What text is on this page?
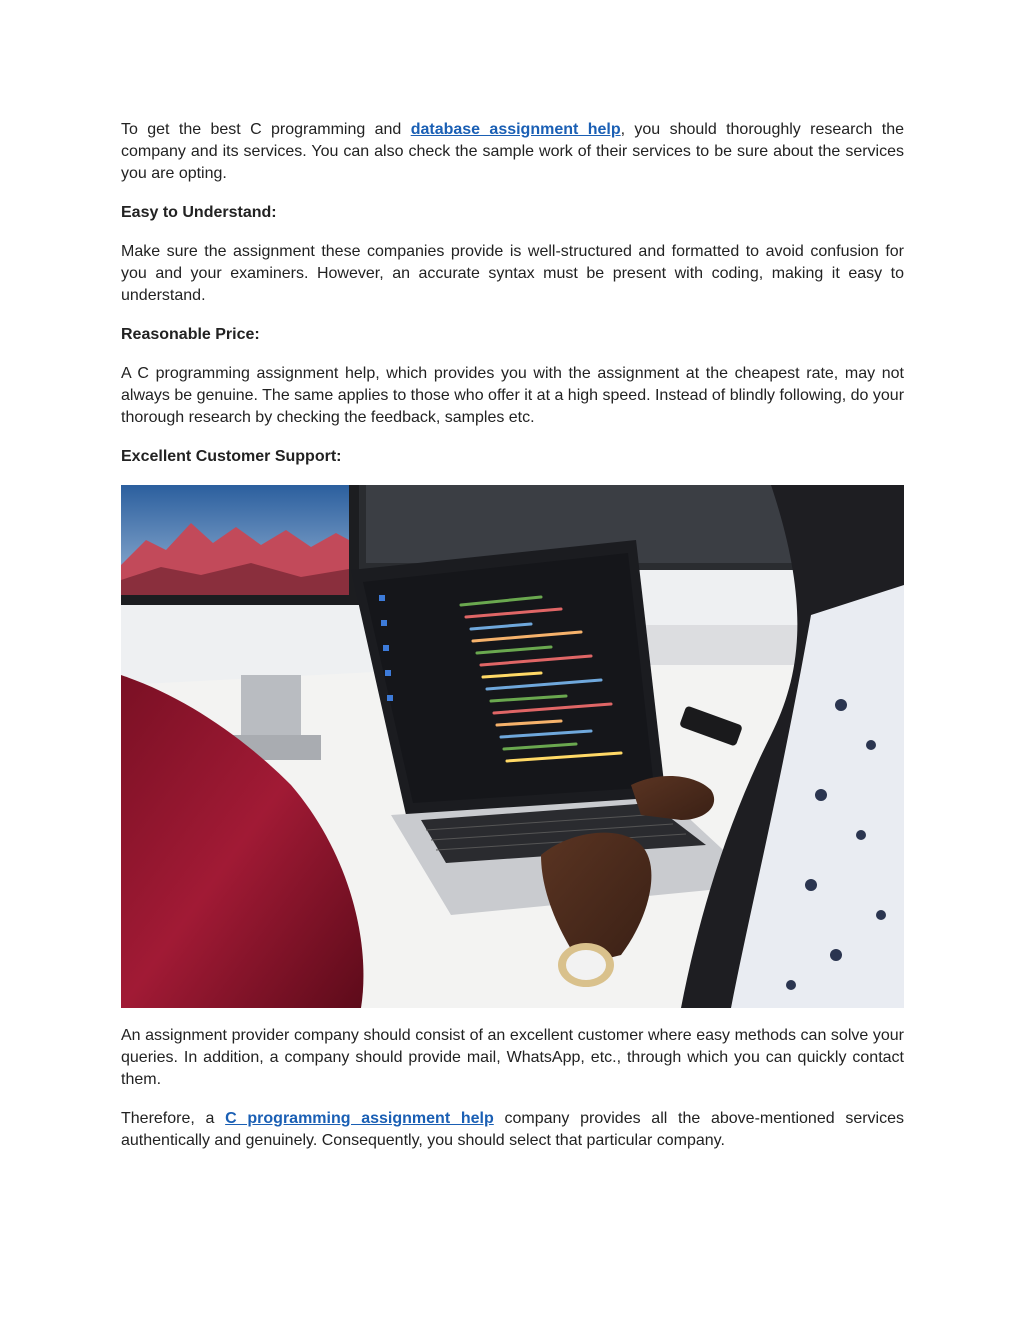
To get the best C programming and database assignment help, you should thoroughly research the company and its services. You can also check the sample work of their services to be sure about the services you are opting.

Easy to Understand:

Make sure the assignment these companies provide is well-structured and formatted to avoid confusion for you and your examiners. However, an accurate syntax must be present with coding, making it easy to understand.

Reasonable Price:

A C programming assignment help, which provides you with the assignment at the cheapest rate, may not always be genuine. The same applies to those who offer it at a high speed. Instead of blindly following, do your thorough research by checking the feedback, samples etc.

Excellent Customer Support:

An assignment provider company should consist of an excellent customer where easy methods can solve your queries. In addition, a company should provide mail, WhatsApp, etc., through which you can quickly contact them.

Therefore, a C programming assignment help company provides all the above-mentioned services authentically and genuinely. Consequently, you should select that particular company.
